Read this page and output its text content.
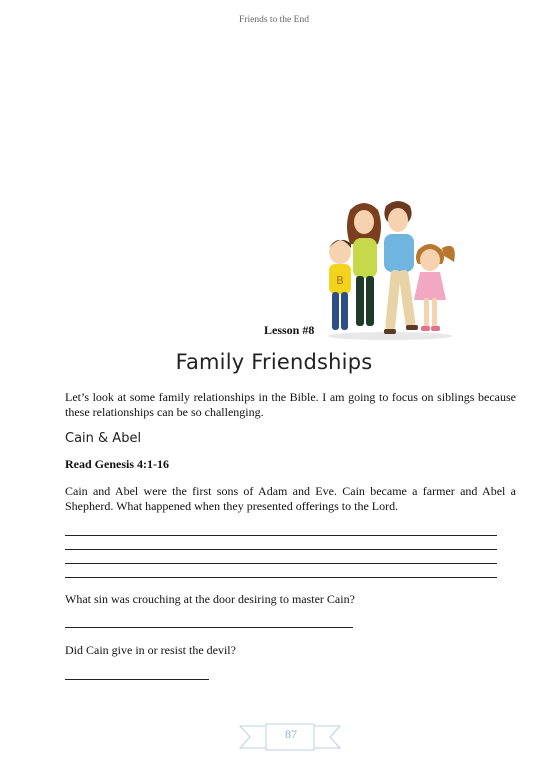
Friends to the End
B
Lesson #8
Family Friendships
Let’s look at some family relationships in the Bible. I am going to focus on siblings because these relationships can be so challenging.
Cain & Abel
Read Genesis 4:1-16
Cain and Abel were the first sons of Adam and Eve. Cain became a farmer and Abel a Shepherd. What happened when they presented offerings to the Lord.
What sin was crouching at the door desiring to master Cain?
Did Cain give in or resist the devil?
87
